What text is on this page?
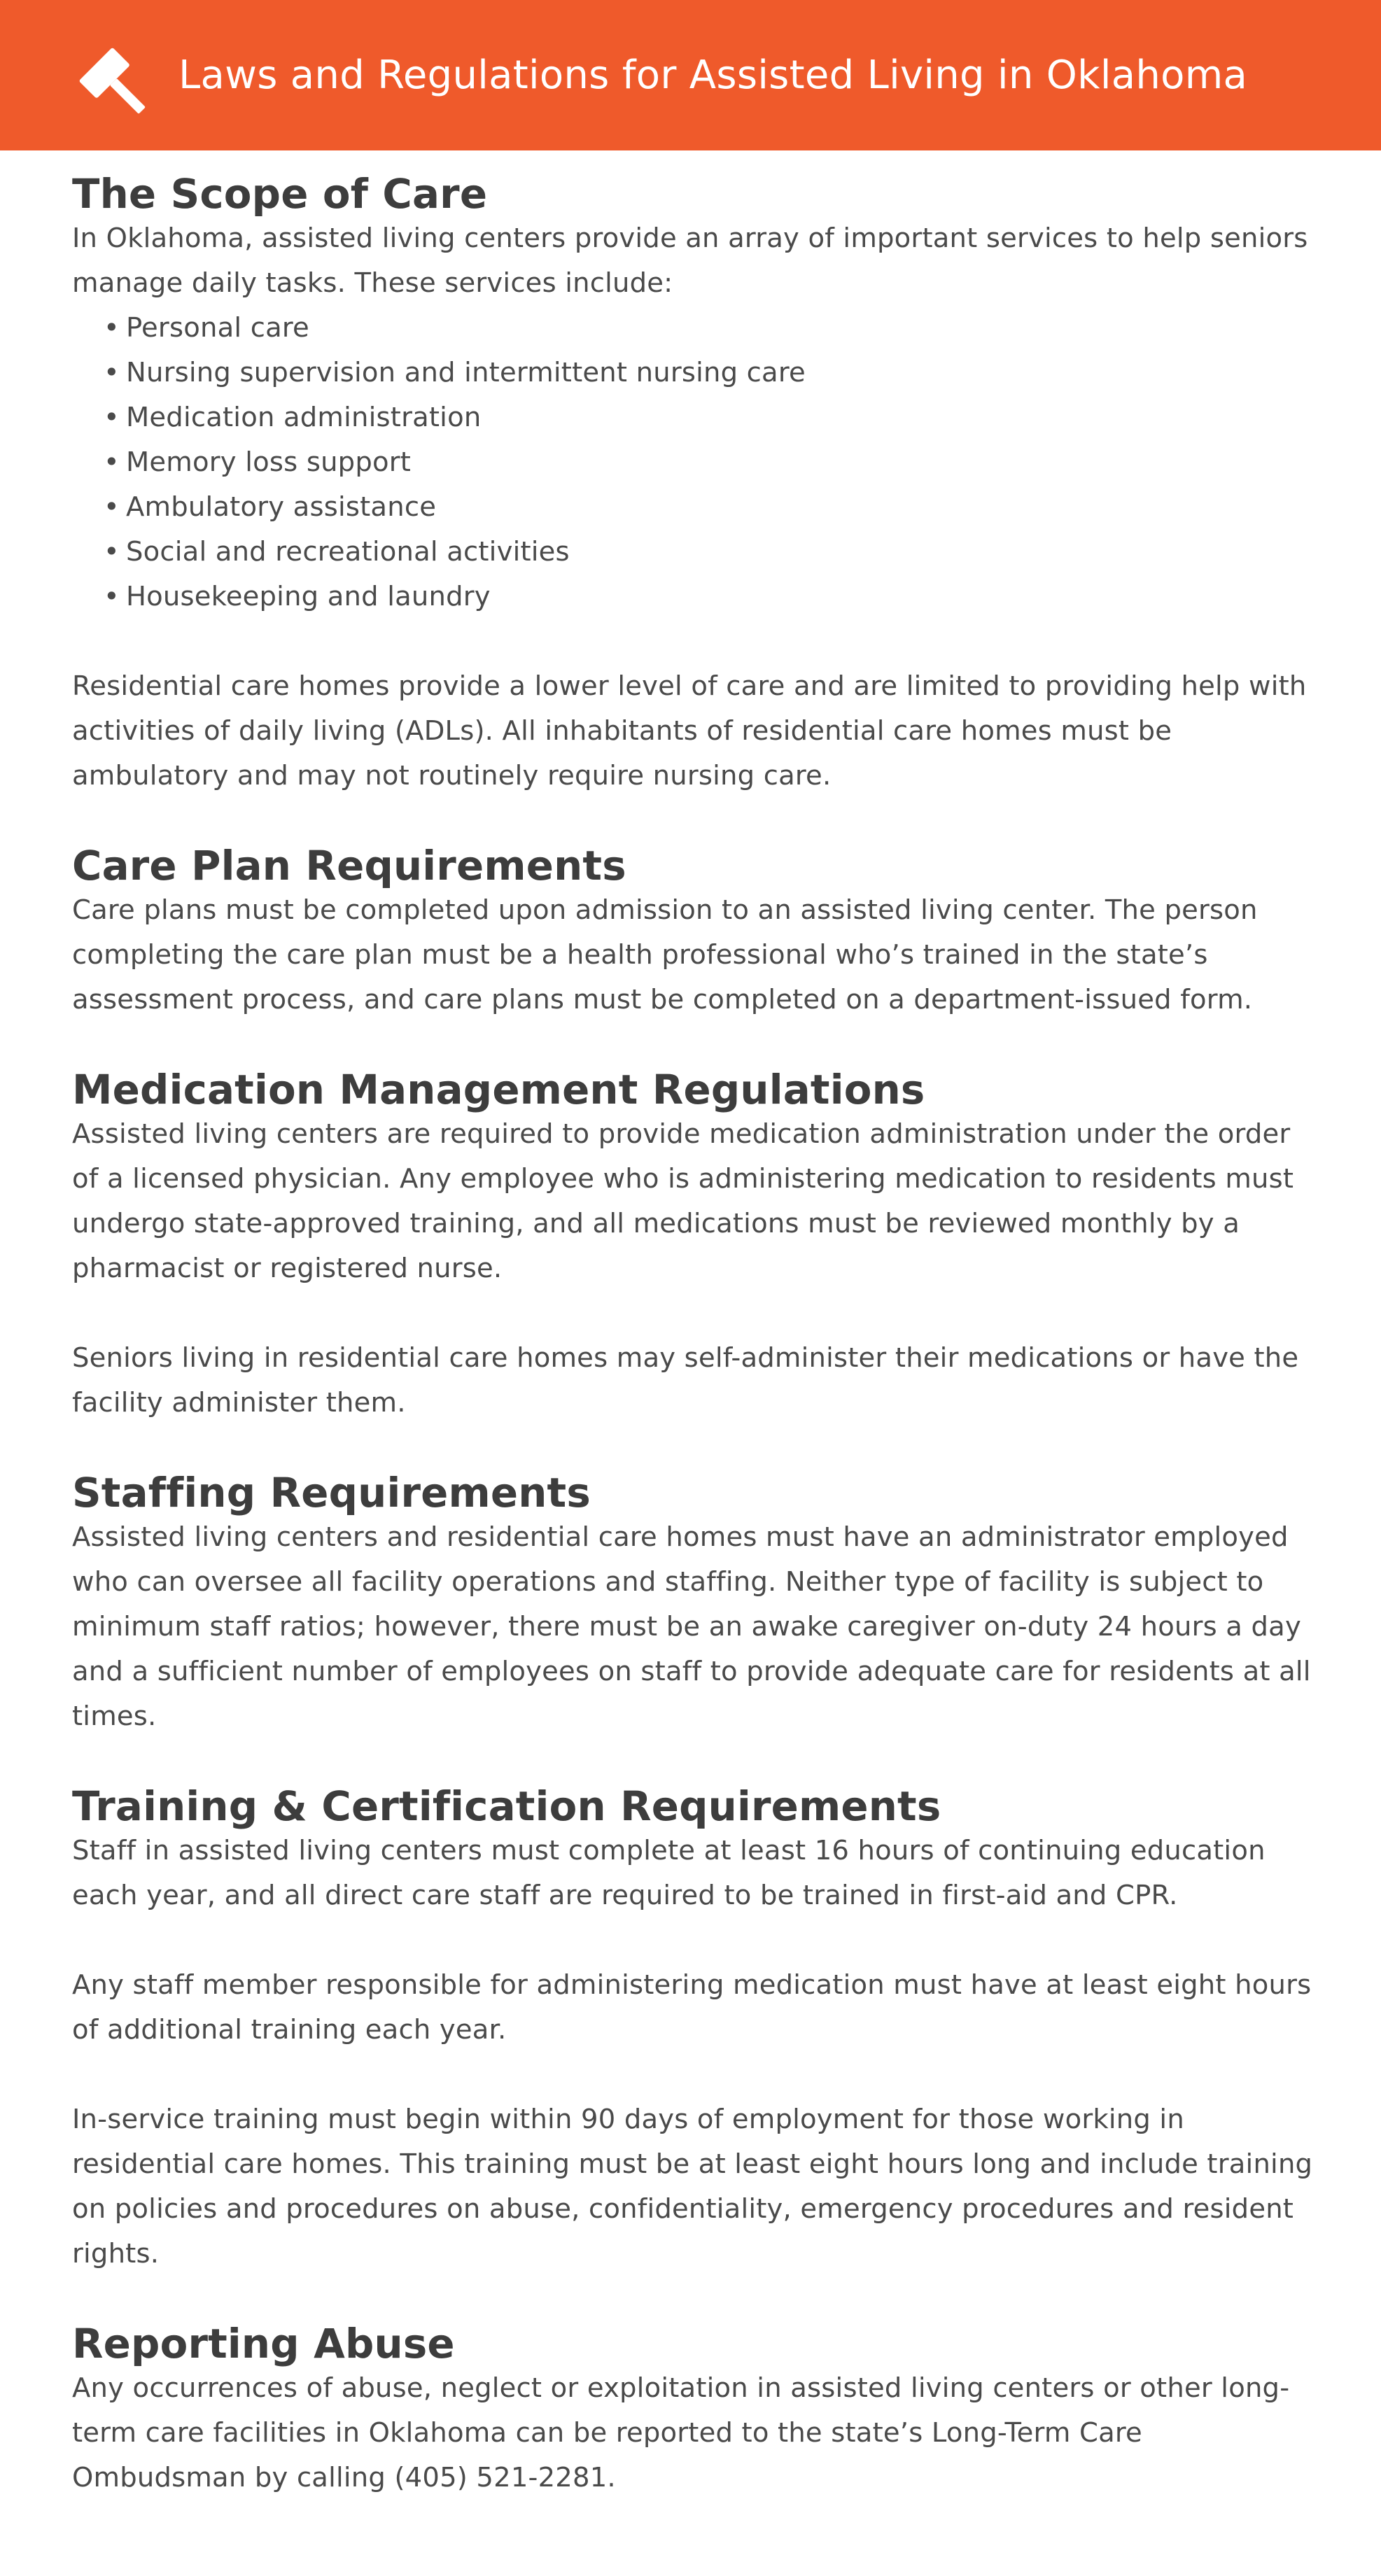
Laws and Regulations for Assisted Living in Oklahoma
The Scope of Care

In Oklahoma, assisted living centers provide an array of important services to help seniors manage daily tasks. These services include:

• Personal care
• Nursing supervision and intermittent nursing care
• Medication administration
• Memory loss support
• Ambulatory assistance
• Social and recreational activities
• Housekeeping and laundry

Residential care homes provide a lower level of care and are limited to providing help with activities of daily living (ADLs). All inhabitants of residential care homes must be ambulatory and may not routinely require nursing care.

Care Plan Requirements

Care plans must be completed upon admission to an assisted living center. The person completing the care plan must be a health professional who’s trained in the state’s assessment process, and care plans must be completed on a department-issued form.

Medication Management Regulations

Assisted living centers are required to provide medication administration under the order of a licensed physician. Any employee who is administering medication to residents must undergo state-approved training, and all medications must be reviewed monthly by a pharmacist or registered nurse.

Seniors living in residential care homes may self-administer their medications or have the facility administer them.

Staffing Requirements

Assisted living centers and residential care homes must have an administrator employed who can oversee all facility operations and staffing. Neither type of facility is subject to minimum staff ratios; however, there must be an awake caregiver on-duty 24 hours a day and a sufficient number of employees on staff to provide adequate care for residents at all times.

Training & Certification Requirements

Staff in assisted living centers must complete at least 16 hours of continuing education each year, and all direct care staff are required to be trained in first-aid and CPR.

Any staff member responsible for administering medication must have at least eight hours of additional training each year.

In-service training must begin within 90 days of employment for those working in residential care homes. This training must be at least eight hours long and include training on policies and procedures on abuse, confidentiality, emergency procedures and resident rights.

Reporting Abuse

Any occurrences of abuse, neglect or exploitation in assisted living centers or other long-term care facilities in Oklahoma can be reported to the state’s Long-Term Care Ombudsman by calling (405) 521-2281.
